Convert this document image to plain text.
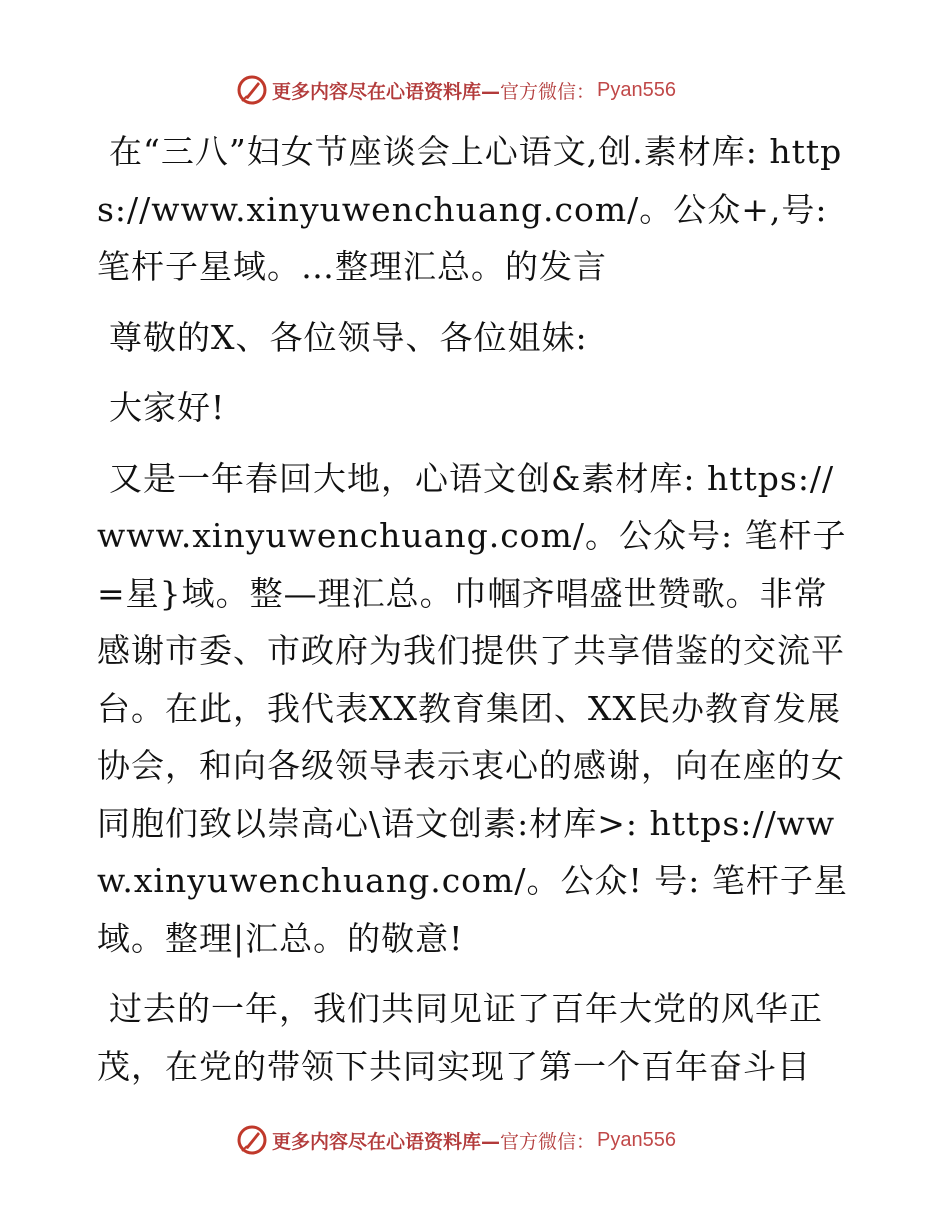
更多内容尽在心语资料库— 官方微信： Pyan556

在“三八”妇女节座谈会上心语文,创.素材库: https://www.xinyuwenchuang.com/。公众+,号: 笔杆子星域。…整理汇总。的发言

尊敬的X、各位领导、各位姐妹:

大家好!

又是一年春回大地，心语文创&素材库: https://www.xinyuwenchuang.com/。公众号: 笔杆子=星}域。整—理汇总。巾帼齐唱盛世赞歌。非常感谢市委、市政府为我们提供了共享借鉴的交流平台。在此，我代表XX教育集团、XX民办教育发展协会，和向各级领导表示衷心的感谢，向在座的女同胞们致以崇高心\语文创素:材库>: https://www.xinyuwenchuang.com/。公众! 号: 笔杆子星域。整理|汇总。的敬意!

过去的一年，我们共同见证了百年大党的风华正茂，在党的带领下共同实现了第一个百年奋斗目

更多内容尽在心语资料库— 官方微信： Pyan556
